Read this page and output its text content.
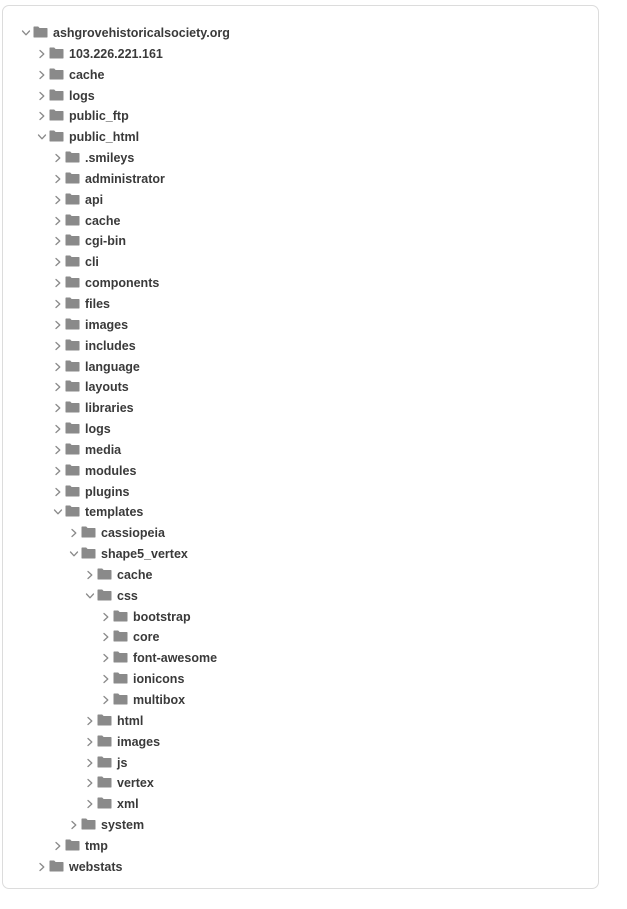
ashgrovehistoricalsociety.org
103.226.221.161
cache
logs
public_ftp
public_html
.smileys
administrator
api
cache
cgi-bin
cli
components
files
images
includes
language
layouts
libraries
logs
media
modules
plugins
templates
cassiopeia
shape5_vertex
cache
css
bootstrap
core
font-awesome
ionicons
multibox
html
images
js
vertex
xml
system
tmp
webstats
